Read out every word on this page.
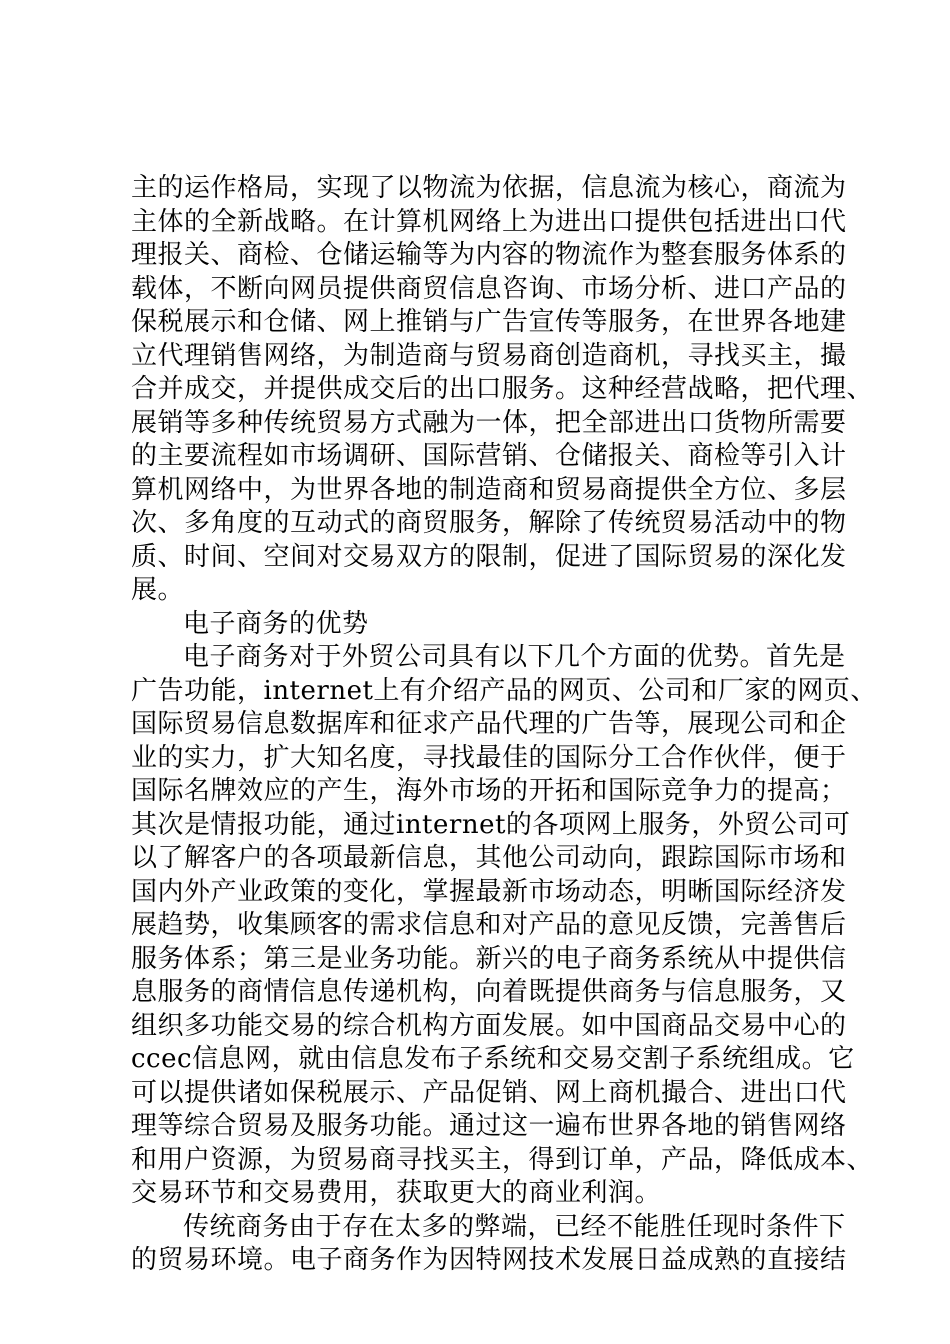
主的运作格局，实现了以物流为依据，信息流为核心，商流为
主体的全新战略。在计算机网络上为进出口提供包括进出口代
理报关、商检、仓储运输等为内容的物流作为整套服务体系的
载体，不断向网员提供商贸信息咨询、市场分析、进口产品的
保税展示和仓储、网上推销与广告宣传等服务，在世界各地建
立代理销售网络，为制造商与贸易商创造商机，寻找买主，撮
合并成交，并提供成交后的出口服务。这种经营战略，把代理、
展销等多种传统贸易方式融为一体，把全部进出口货物所需要
的主要流程如市场调研、国际营销、仓储报关、商检等引入计
算机网络中，为世界各地的制造商和贸易商提供全方位、多层
次、多角度的互动式的商贸服务，解除了传统贸易活动中的物
质、时间、空间对交易双方的限制，促进了国际贸易的深化发
展。
电子商务的优势
电子商务对于外贸公司具有以下几个方面的优势。首先是
广告功能，internet上有介绍产品的网页、公司和厂家的网页、
国际贸易信息数据库和征求产品代理的广告等，展现公司和企
业的实力，扩大知名度，寻找最佳的国际分工合作伙伴，便于
国际名牌效应的产生，海外市场的开拓和国际竞争力的提高；
其次是情报功能，通过internet的各项网上服务，外贸公司可
以了解客户的各项最新信息，其他公司动向，跟踪国际市场和
国内外产业政策的变化，掌握最新市场动态，明晰国际经济发
展趋势，收集顾客的需求信息和对产品的意见反馈，完善售后
服务体系；第三是业务功能。新兴的电子商务系统从中提供信
息服务的商情信息传递机构，向着既提供商务与信息服务，又
组织多功能交易的综合机构方面发展。如中国商品交易中心的
ccec信息网，就由信息发布子系统和交易交割子系统组成。它
可以提供诸如保税展示、产品促销、网上商机撮合、进出口代
理等综合贸易及服务功能。通过这一遍布世界各地的销售网络
和用户资源，为贸易商寻找买主，得到订单，产品，降低成本、
交易环节和交易费用，获取更大的商业利润。
传统商务由于存在太多的弊端，已经不能胜任现时条件下
的贸易环境。电子商务作为因特网技术发展日益成熟的直接结
